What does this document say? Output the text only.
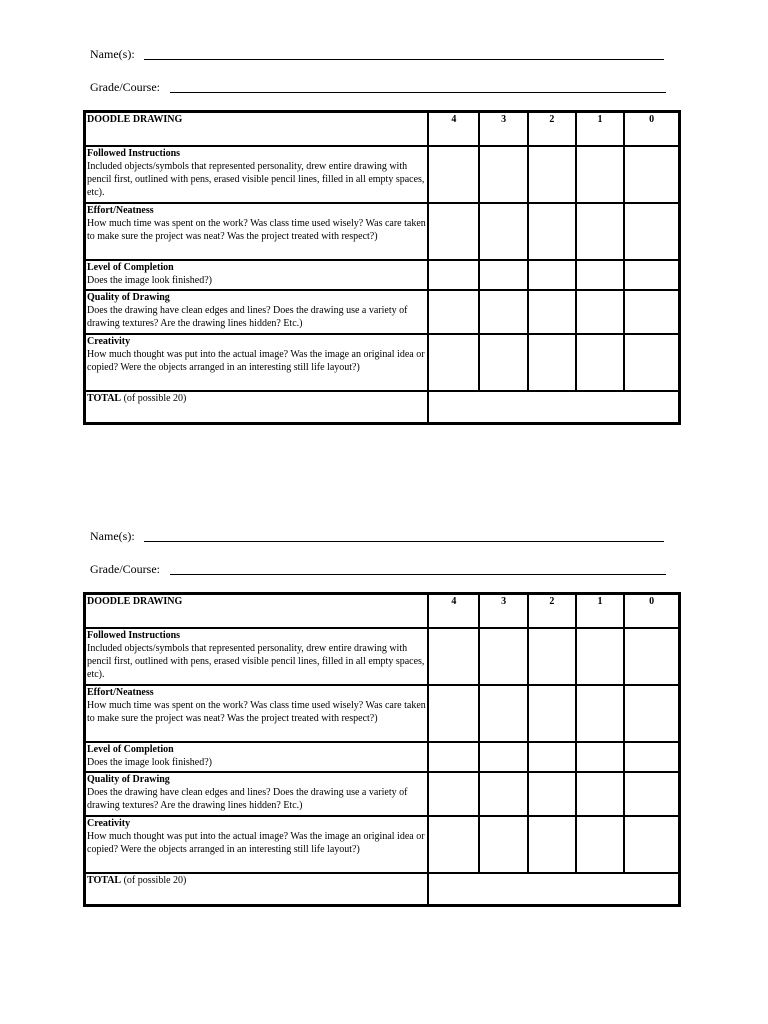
Name(s):
Grade/Course:
DOODLE DRAWING	4	3	2	1	0

Followed Instructions
Included objects/symbols that represented personality, drew entire drawing with pencil first, outlined with pens, erased visible pencil lines, filled in all empty spaces, etc).					

Effort/Neatness
How much time was spent on the work? Was class time used wisely? Was care taken to make sure the project was neat? Was the project treated with respect?)					

Level of Completion
Does the image look finished?)					

Quality of Drawing
Does the drawing have clean edges and lines? Does the drawing use a variety of drawing textures? Are the drawing lines hidden? Etc.)					

Creativity
How much thought was put into the actual image? Was the image an original idea or copied? Were the objects arranged in an interesting still life layout?)					

TOTAL (of possible 20)					
Name(s):
Grade/Course:
DOODLE DRAWING	4	3	2	1	0

Followed Instructions
Included objects/symbols that represented personality, drew entire drawing with pencil first, outlined with pens, erased visible pencil lines, filled in all empty spaces, etc).					

Effort/Neatness
How much time was spent on the work? Was class time used wisely? Was care taken to make sure the project was neat? Was the project treated with respect?)					

Level of Completion
Does the image look finished?)					

Quality of Drawing
Does the drawing have clean edges and lines? Does the drawing use a variety of drawing textures? Are the drawing lines hidden? Etc.)					

Creativity
How much thought was put into the actual image? Was the image an original idea or copied? Were the objects arranged in an interesting still life layout?)					

TOTAL (of possible 20)					
